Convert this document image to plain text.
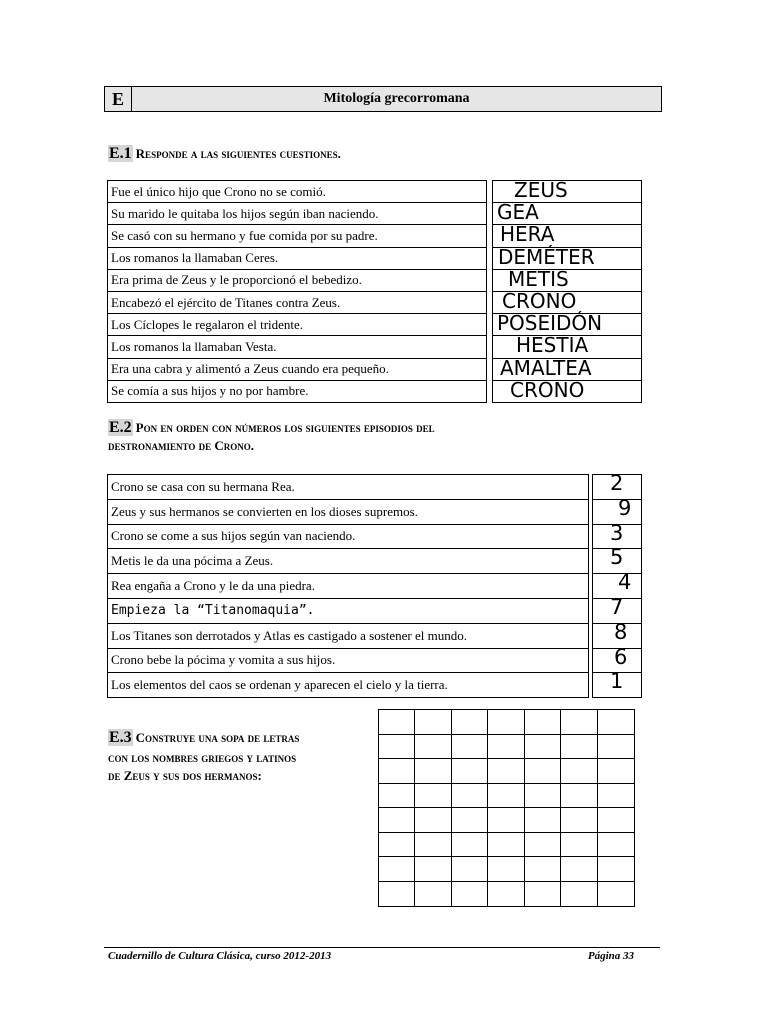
E	Mitología grecorromana
E.1 Responde a las siguientes cuestiones.
Fue el único hijo que Crono no se comió.	ZEUS
Su marido le quitaba los hijos según iban naciendo.	GEA
Se casó con su hermano y fue comida por su padre.	HERA
Los romanos la llamaban Ceres.	DEMÉTER
Era prima de Zeus y le proporcionó el bebedizo.	METIS
Encabezó el ejército de Titanes contra Zeus.	CRONO
Los Cíclopes le regalaron el tridente.	POSEIDÓN
Los romanos la llamaban Vesta.	HESTIA
Era una cabra y alimentó a Zeus cuando era pequeño.	AMALTEA
Se comía a sus hijos y no por hambre.	CRONO
E.2 Pon en orden con números los siguientes episodios del
destronamiento de Crono.
Crono se casa con su hermana Rea.	2
Zeus y sus hermanos se convierten en los dioses supremos.	9
Crono se come a sus hijos según van naciendo.	3
Metis le da una pócima a Zeus.	5
Rea engaña a Crono y le da una piedra.	4
Empieza la “Titanomaquia”.	7
Los Titanes son derrotados y Atlas es castigado a sostener el mundo.	8
Crono bebe la pócima y vomita a sus hijos.	6
Los elementos del caos se ordenan y aparecen el cielo y la tierra.	1
E.3 Construye una sopa de letras
con los nombres griegos y latinos
de Zeus y sus dos hermanos:
Cuadernillo de Cultura Clásica, curso 2012-2013	Página 33
